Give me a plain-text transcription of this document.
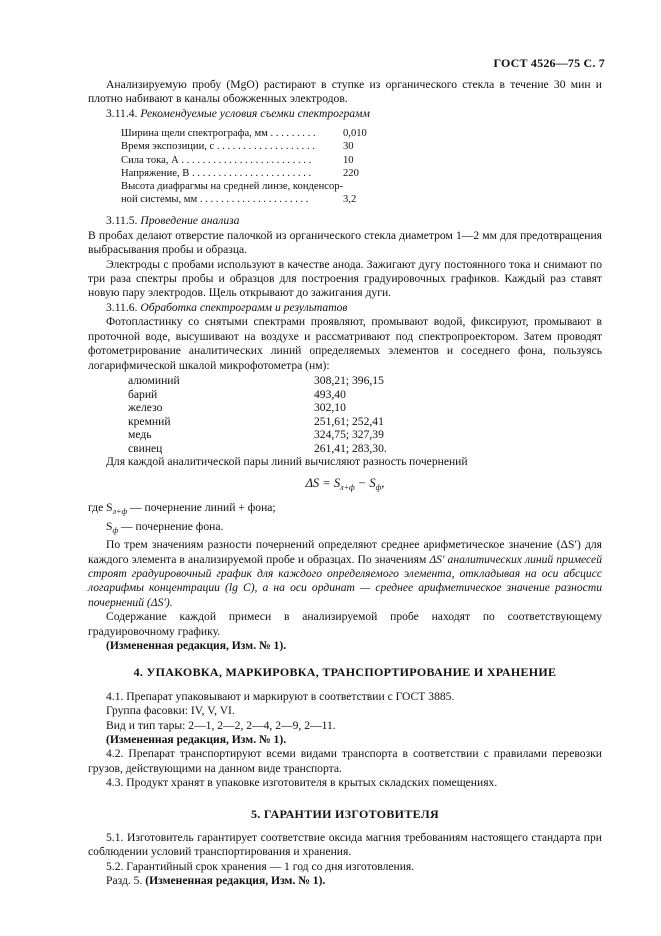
ГОСТ 4526—75 С. 7

Анализируемую пробу (MgO) растирают в ступке из органического стекла в течение 30 мин и плотно набивают в каналы обожженных электродов.

3.11.4. Рекомендуемые условия съемки спектрограмм

Ширина щели спектрографа, мм . . . . . . . . .	0,010
Время экспозиции, с . . . . . . . . . . . . . . . . . . .	30
Сила тока, А . . . . . . . . . . . . . . . . . . . . . . . . .	10
Напряжение, В . . . . . . . . . . . . . . . . . . . . . . .	220
Высота диафрагмы на средней линзе, конденсор-
ной системы, мм . . . . . . . . . . . . . . . . . . . . .	3,2

3.11.5. Проведение анализа

В пробах делают отверстие палочкой из органического стекла диаметром 1—2 мм для предотвращения выбрасывания пробы и образца.

Электроды с пробами используют в качестве анода. Зажигают дугу постоянного тока и снимают по три раза спектры пробы и образцов для построения градуировочных графиков. Каждый раз ставят новую пару электродов. Щель открывают до зажигания дуги.

3.11.6. Обработка спектрограмм и результатов

Фотопластинку со снятыми спектрами проявляют, промывают водой, фиксируют, промывают в проточной воде, высушивают на воздухе и рассматривают под спектропроектором. Затем проводят фотометрирование аналитических линий определяемых элементов и соседнего фона, пользуясь логарифмической шкалой микрофотометра (нм):

алюминий	308,21; 396,15
барий	493,40
железо	302,10
кремний	251,61; 252,41
медь	324,75; 327,39
свинец	261,41; 283,30.

Для каждой аналитической пары линий вычисляют разность почернений

$\Delta S = S_{л+ф} - S_ф$,

где $S_{л+ф}$ — почернение линий + фона;

$S_ф$ — почернение фона.

По трем значениям разности почернений определяют среднее арифметическое значение (ΔS′) для каждого элемента в анализируемой пробе и образцах. По значениям ΔS′ аналитических линий примесей строят градуировочный график для каждого определяемого элемента, откладывая на оси абсцисс логарифмы концентрации (lg C), а на оси ординат — среднее арифметическое значение разности почернений (ΔS′).

Содержание каждой примеси в анализируемой пробе находят по соответствующему градуировочному графику.

(Измененная редакция, Изм. № 1).

4. УПАКОВКА, МАРКИРОВКА, ТРАНСПОРТИРОВАНИЕ И ХРАНЕНИЕ

4.1. Препарат упаковывают и маркируют в соответствии с ГОСТ 3885.

Группа фасовки: IV, V, VI.

Вид и тип тары: 2—1, 2—2, 2—4, 2—9, 2—11.

(Измененная редакция, Изм. № 1).

4.2. Препарат транспортируют всеми видами транспорта в соответствии с правилами перевозки грузов, действующими на данном виде транспорта.

4.3. Продукт хранят в упаковке изготовителя в крытых складских помещениях.

5. ГАРАНТИИ ИЗГОТОВИТЕЛЯ

5.1. Изготовитель гарантирует соответствие оксида магния требованиям настоящего стандарта при соблюдении условий транспортирования и хранения.

5.2. Гарантийный срок хранения — 1 год со дня изготовления.

Разд. 5. (Измененная редакция, Изм. № 1).
